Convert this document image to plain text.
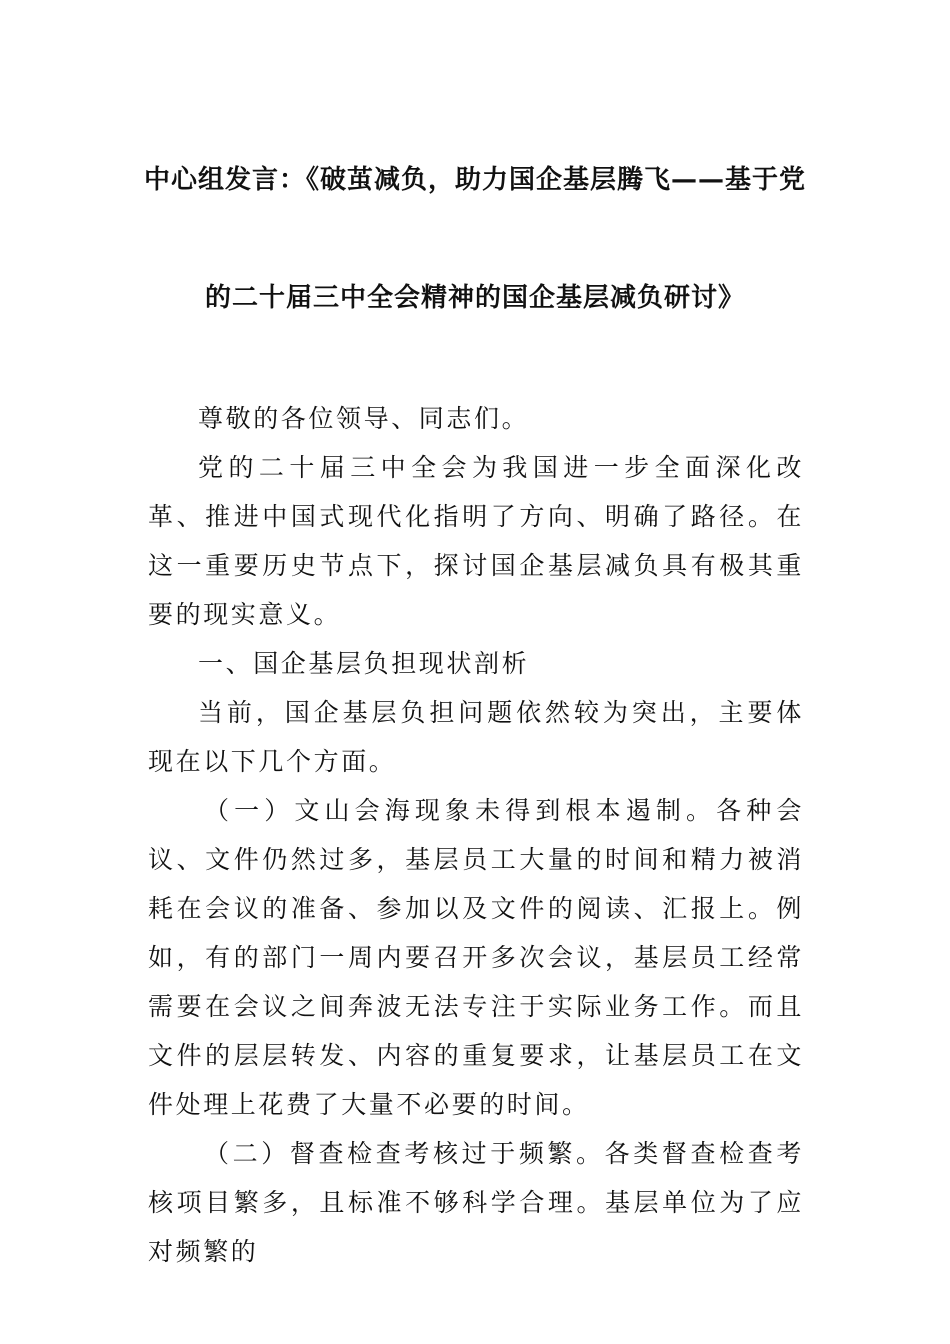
中心组发言：《破茧减负，助力国企基层腾飞——基于党
的二十届三中全会精神的国企基层减负研讨》

尊敬的各位领导、同志们。

党的二十届三中全会为我国进一步全面深化改革、推进中国式现代化指明了方向、明确了路径。在这一重要历史节点下，探讨国企基层减负具有极其重要的现实意义。

一、国企基层负担现状剖析

当前，国企基层负担问题依然较为突出，主要体现在以下几个方面。

（一）文山会海现象未得到根本遏制。各种会议、文件仍然过多，基层员工大量的时间和精力被消耗在会议的准备、参加以及文件的阅读、汇报上。例如，有的部门一周内要召开多次会议，基层员工经常需要在会议之间奔波无法专注于实际业务工作。而且文件的层层转发、内容的重复要求，让基层员工在文件处理上花费了大量不必要的时间。

（二）督查检查考核过于频繁。各类督查检查考核项目繁多，且标准不够科学合理。基层单位为了应对频繁的
